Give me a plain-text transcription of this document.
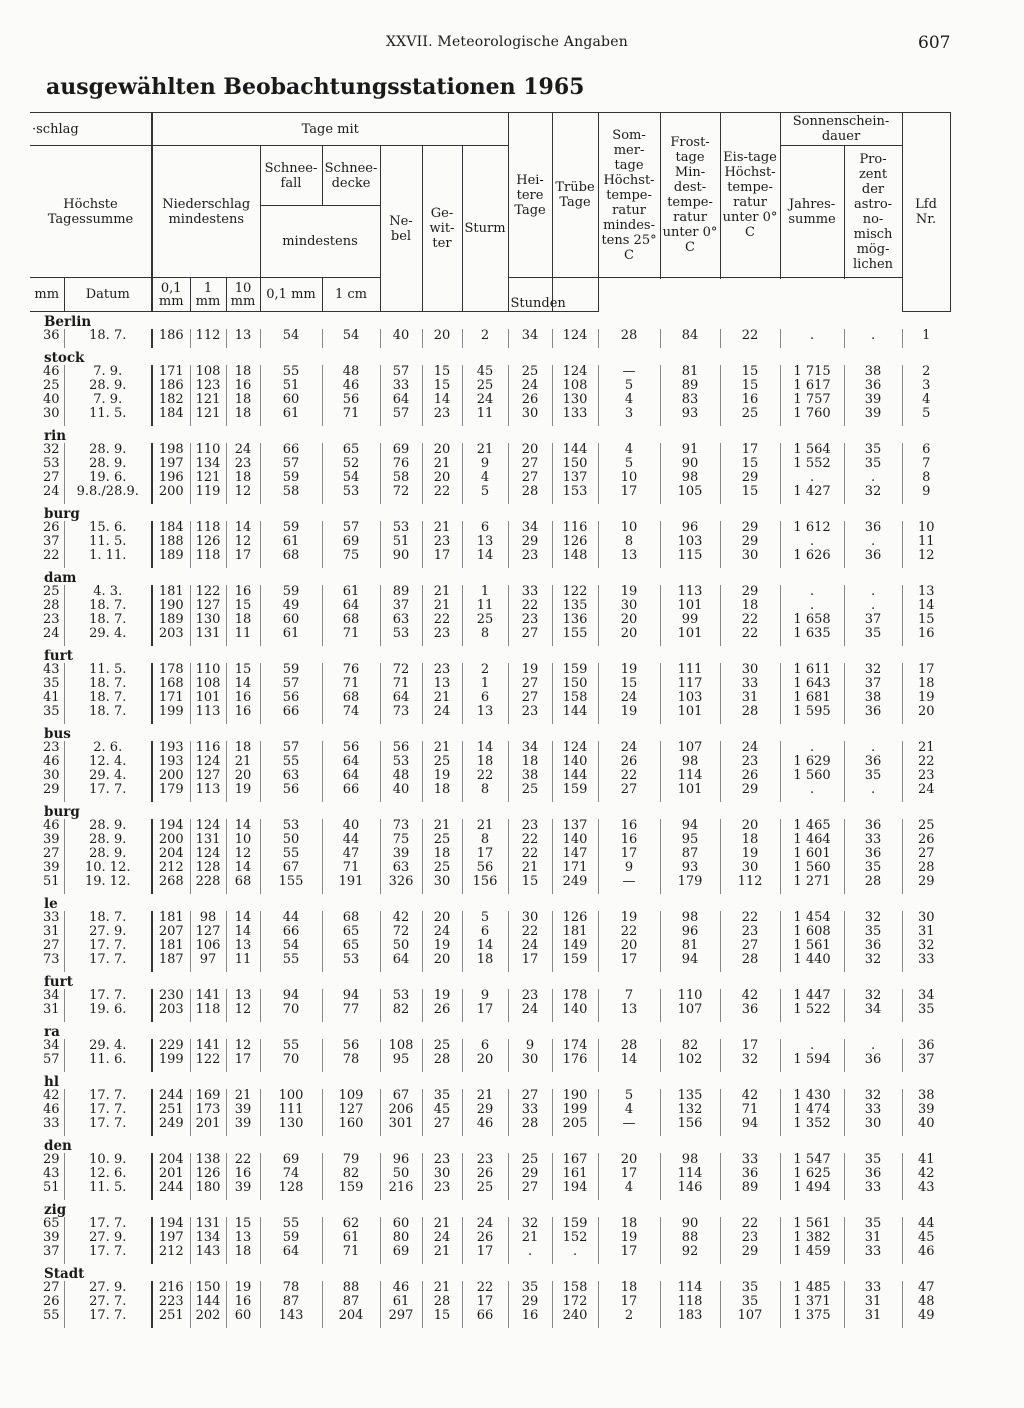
XXVII. Meteorologische Angaben	607
ausgewählten Beobachtungsstationen 1965
·schlag		Tage mit								Hei-tere Tage	Trübe Tage	Som-mer-tage Höchst-tempe-ratur mindes-tens 25° C	Frost-tage Min-dest-tempe-ratur unter 0° C	Eis-tage Höchst-tempe-ratur unter 0° C	Sonnenschein-dauer		Lfd Nr.
Höchste Tagessumme		Niederschlag mindestens			Schnee-fall	Schnee-decke	Ne-bel	Ge-wit-ter	Sturm						Jahres-summe	Pro-zent der astro-no-misch mög-lichen	
					mindestens												

mm	Datum	0,1 mm	1 mm	10 mm	0,1 mm	1 cm				Stunden							
Berlin																	
36	18. 7.	186	112	13	54	54	40	20	2	34	124	28	84	22	.	.	1
stock																	
46	7. 9.	171	108	18	55	48	57	15	45	25	124	—	81	15	1 715	38	2
25	28. 9.	186	123	16	51	46	33	15	25	24	108	5	89	15	1 617	36	3
40	7. 9.	182	121	18	60	56	64	14	24	26	130	4	83	16	1 757	39	4
30	11. 5.	184	121	18	61	71	57	23	11	30	133	3	93	25	1 760	39	5
rin																	
32	28. 9.	198	110	24	66	65	69	20	21	20	144	4	91	17	1 564	35	6
53	28. 9.	197	134	23	57	52	76	21	9	27	150	5	90	15	1 552	35	7
27	19. 6.	196	121	18	59	54	58	20	4	27	137	10	98	29	.	.	8
24	9.8./28.9.	200	119	12	58	53	72	22	5	28	153	17	105	15	1 427	32	9
burg																	
26	15. 6.	184	118	14	59	57	53	21	6	34	116	10	96	29	1 612	36	10
37	11. 5.	188	126	12	61	69	51	23	13	29	126	8	103	29	.	.	11
22	1. 11.	189	118	17	68	75	90	17	14	23	148	13	115	30	1 626	36	12
dam																	
25	4. 3.	181	122	16	59	61	89	21	1	33	122	19	113	29	.	.	13
28	18. 7.	190	127	15	49	64	37	21	11	22	135	30	101	18	.	.	14
23	18. 7.	189	130	18	60	68	63	22	25	23	136	20	99	22	1 658	37	15
24	29. 4.	203	131	11	61	71	53	23	8	27	155	20	101	22	1 635	35	16
furt																	
43	11. 5.	178	110	15	59	76	72	23	2	19	159	19	111	30	1 611	32	17
35	18. 7.	168	108	14	57	71	71	13	1	27	150	15	117	33	1 643	37	18
41	18. 7.	171	101	16	56	68	64	21	6	27	158	24	103	31	1 681	38	19
35	18. 7.	199	113	16	66	74	73	24	13	23	144	19	101	28	1 595	36	20
bus																	
23	2. 6.	193	116	18	57	56	56	21	14	34	124	24	107	24	.	.	21
46	12. 4.	193	124	21	55	64	53	25	18	18	140	26	98	23	1 629	36	22
30	29. 4.	200	127	20	63	64	48	19	22	38	144	22	114	26	1 560	35	23
29	17. 7.	179	113	19	56	66	40	18	8	25	159	27	101	29	.	.	24
burg																	
46	28. 9.	194	124	14	53	40	73	21	21	23	137	16	94	20	1 465	36	25
39	28. 9.	200	131	10	50	44	75	25	8	22	140	16	95	18	1 464	33	26
27	28. 9.	204	124	12	55	47	39	18	17	22	147	17	87	19	1 601	36	27
39	10. 12.	212	128	14	67	71	63	25	56	21	171	9	93	30	1 560	35	28
51	19. 12.	268	228	68	155	191	326	30	156	15	249	—	179	112	1 271	28	29
le																	
33	18. 7.	181	98	14	44	68	42	20	5	30	126	19	98	22	1 454	32	30
31	27. 9.	207	127	14	66	65	72	24	6	22	181	22	96	23	1 608	35	31
27	17. 7.	181	106	13	54	65	50	19	14	24	149	20	81	27	1 561	36	32
73	17. 7.	187	97	11	55	53	64	20	18	17	159	17	94	28	1 440	32	33
furt																	
34	17. 7.	230	141	13	94	94	53	19	9	23	178	7	110	42	1 447	32	34
31	19. 6.	203	118	12	70	77	82	26	17	24	140	13	107	36	1 522	34	35
ra																	
34	29. 4.	229	141	12	55	56	108	25	6	9	174	28	82	17	.	.	36
57	11. 6.	199	122	17	70	78	95	28	20	30	176	14	102	32	1 594	36	37
hl																	
42	17. 7.	244	169	21	100	109	67	35	21	27	190	5	135	42	1 430	32	38
46	17. 7.	251	173	39	111	127	206	45	29	33	199	4	132	71	1 474	33	39
33	17. 7.	249	201	39	130	160	301	27	46	28	205	—	156	94	1 352	30	40
den																	
29	10. 9.	204	138	22	69	79	96	23	23	25	167	20	98	33	1 547	35	41
43	12. 6.	201	126	16	74	82	50	30	26	29	161	17	114	36	1 625	36	42
51	11. 5.	244	180	39	128	159	216	23	25	27	194	4	146	89	1 494	33	43
zig																	
65	17. 7.	194	131	15	55	62	60	21	24	32	159	18	90	22	1 561	35	44
39	27. 9.	197	134	13	59	61	80	24	26	21	152	19	88	23	1 382	31	45
37	17. 7.	212	143	18	64	71	69	21	17	.	.	17	92	29	1 459	33	46
Stadt																	
27	27. 9.	216	150	19	78	88	46	21	22	35	158	18	114	35	1 485	33	47
26	27. 7.	223	144	16	87	87	61	28	17	29	172	17	118	35	1 371	31	48
55	17. 7.	251	202	60	143	204	297	15	66	16	240	2	183	107	1 375	31	49
